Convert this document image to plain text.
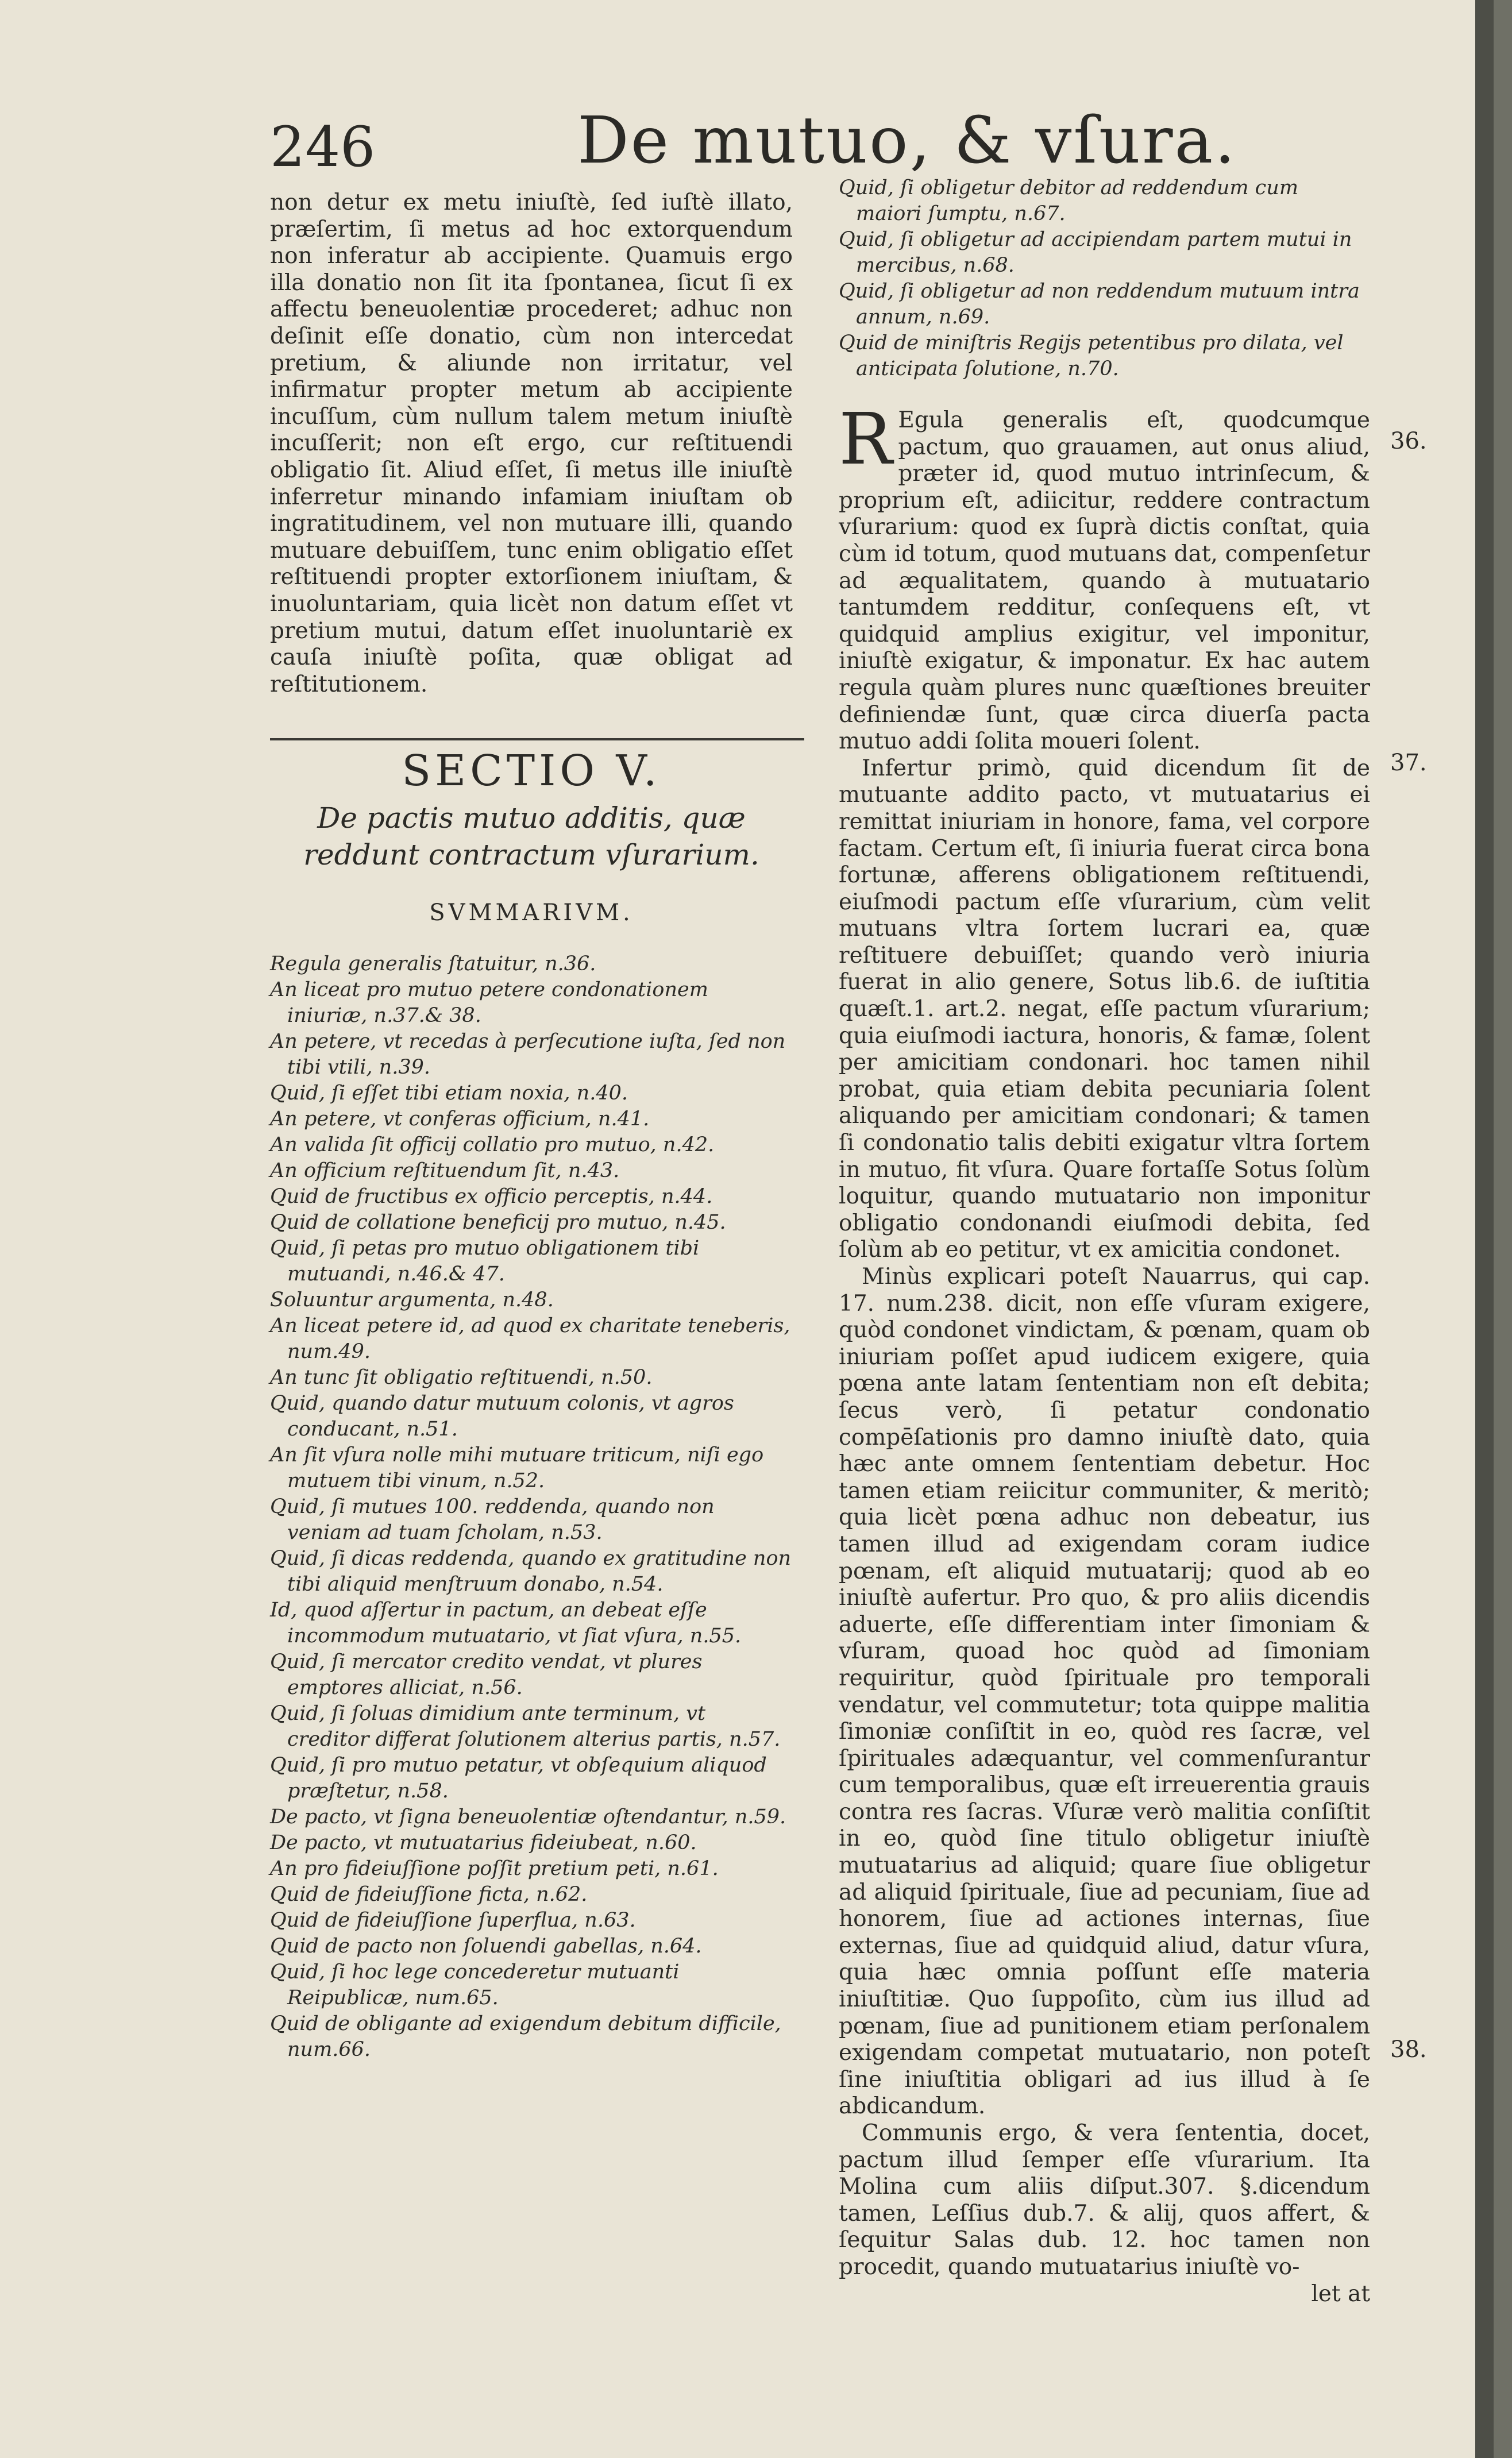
246	De mutuo, & vſura.

non detur ex metu iniuſtè, ſed iuſtè illato, præſertim, ſi metus ad hoc extorquendum non inferatur ab accipiente. Quamuis ergo illa donatio non ſit ita ſpontanea, ſicut ſi ex affectu beneuolentiæ procederet; adhuc non deſinit eſſe donatio, cùm non intercedat pretium, & aliunde non irritatur, vel infirmatur propter metum ab accipiente incuſſum, cùm nullum talem metum iniuſtè incuſſerit; non eſt ergo, cur reſtituendi obligatio ſit. Aliud eſſet, ſi metus ille iniuſtè inferretur minando infamiam iniuſtam ob ingratitudinem, vel non mutuare illi, quando mutuare debuiſſem, tunc enim obligatio eſſet reſtituendi propter extorſionem iniuſtam, & inuoluntariam, quia licèt non datum eſſet vt pretium mutui, datum eſſet inuoluntariè ex cauſa iniuſtè poſita, quæ obligat ad reſtitutionem.

SECTIO V.
De pactis mutuo additis, quæ reddunt contractum vſurarium.
SVMMARIVM.

Regula generalis ſtatuitur, n.36.

An liceat pro mutuo petere condonationem iniuriæ, n.37.& 38.

An petere, vt recedas à perſecutione iuſta, ſed non tibi vtili, n.39.

Quid, ſi eſſet tibi etiam noxia, n.40.

An petere, vt conferas officium, n.41.

An valida ſit officij collatio pro mutuo, n.42.

An officium reſtituendum ſit, n.43.

Quid de fructibus ex officio perceptis, n.44.

Quid de collatione beneficij pro mutuo, n.45.

Quid, ſi petas pro mutuo obligationem tibi mutuandi, n.46.& 47.

Soluuntur argumenta, n.48.

An liceat petere id, ad quod ex charitate teneberis, num.49.

An tunc ſit obligatio reſtituendi, n.50.

Quid, quando datur mutuum colonis, vt agros conducant, n.51.

An ſit vſura nolle mihi mutuare triticum, niſi ego mutuem tibi vinum, n.52.

Quid, ſi mutues 100. reddenda, quando non veniam ad tuam ſcholam, n.53.

Quid, ſi dicas reddenda, quando ex gratitudine non tibi aliquid menſtruum donabo, n.54.

Id, quod aſſertur in pactum, an debeat eſſe incommodum mutuatario, vt ſiat vſura, n.55.

Quid, ſi mercator credito vendat, vt plures emptores alliciat, n.56.

Quid, ſi ſoluas dimidium ante terminum, vt creditor differat ſolutionem alterius partis, n.57.

Quid, ſi pro mutuo petatur, vt obſequium aliquod præſtetur, n.58.

De pacto, vt ſigna beneuolentiæ oſtendantur, n.59.

De pacto, vt mutuatarius fideiubeat, n.60.

An pro fideiuſſione poſſit pretium peti, n.61.

Quid de fideiuſſione ficta, n.62.

Quid de fideiuſſione ſuperflua, n.63.

Quid de pacto non ſoluendi gabellas, n.64.

Quid, ſi hoc lege concederetur mutuanti Reipublicæ, num.65.

Quid de obligante ad exigendum debitum difficile, num.66.

Quid, ſi obligetur debitor ad reddendum cum maiori ſumptu, n.67.

Quid, ſi obligetur ad accipiendam partem mutui in mercibus, n.68.

Quid, ſi obligetur ad non reddendum mutuum intra annum, n.69.

Quid de miniſtris Regijs petentibus pro dilata, vel anticipata ſolutione, n.70.

R Egula generalis eſt, quodcumque pactum, quo grauamen, aut onus aliud, præter id, quod mutuo intrinſecum, & proprium eſt, adiicitur, reddere contractum vſurarium: quod ex ſuprà dictis conſtat, quia cùm id totum, quod mutuans dat, compenſetur ad æqualitatem, quando à mutuatario tantumdem redditur, conſequens eſt, vt quidquid amplius exigitur, vel imponitur, iniuſtè exigatur, & imponatur. Ex hac autem regula quàm plures nunc quæſtiones breuiter definiendæ ſunt, quæ circa diuerſa pacta mutuo addi ſolita moueri ſolent.

Infertur primò, quid dicendum ſit de mutuante addito pacto, vt mutuatarius ei remittat iniuriam in honore, fama, vel corpore factam. Certum eſt, ſi iniuria fuerat circa bona fortunæ, afferens obligationem reſtituendi, eiuſmodi pactum eſſe vſurarium, cùm velit mutuans vltra ſortem lucrari ea, quæ reſtituere debuiſſet; quando verò iniuria fuerat in alio genere, Sotus lib.6. de iuſtitia quæſt.1. art.2. negat, eſſe pactum vſurarium; quia eiuſmodi iactura, honoris, & famæ, ſolent per amicitiam condonari. hoc tamen nihil probat, quia etiam debita pecuniaria ſolent aliquando per amicitiam condonari; & tamen ſi condonatio talis debiti exigatur vltra ſortem in mutuo, fit vſura. Quare fortaſſe Sotus ſolùm loquitur, quando mutuatario non imponitur obligatio condonandi eiuſmodi debita, ſed ſolùm ab eo petitur, vt ex amicitia condonet.

Minùs explicari poteſt Nauarrus, qui cap. 17. num.238. dicit, non eſſe vſuram exigere, quòd condonet vindictam, & pœnam, quam ob iniuriam poſſet apud iudicem exigere, quia pœna ante latam ſententiam non eſt debita; ſecus verò, ſi petatur condonatio compēſationis pro damno iniuſtè dato, quia hæc ante omnem ſententiam debetur. Hoc tamen etiam reiicitur communiter, & meritò; quia licèt pœna adhuc non debeatur, ius tamen illud ad exigendam coram iudice pœnam, eſt aliquid mutuatarij; quod ab eo iniuſtè aufertur. Pro quo, & pro aliis dicendis aduerte, eſſe differentiam inter ſimoniam & vſuram, quoad hoc quòd ad ſimoniam requiritur, quòd ſpirituale pro temporali vendatur, vel commutetur; tota quippe malitia ſimoniæ conſiſtit in eo, quòd res ſacræ, vel ſpirituales adæquantur, vel commenſurantur cum temporalibus, quæ eſt irreuerentia grauis contra res ſacras. Vſuræ verò malitia conſiſtit in eo, quòd ſine titulo obligetur iniuſtè mutuatarius ad aliquid; quare ſiue obligetur ad aliquid ſpirituale, ſiue ad pecuniam, ſiue ad honorem, ſiue ad actiones internas, ſiue externas, ſiue ad quidquid aliud, datur vſura, quia hæc omnia poſſunt eſſe materia iniuſtitiæ. Quo ſuppoſito, cùm ius illud ad pœnam, ſiue ad punitionem etiam perſonalem exigendam competat mutuatario, non poteſt ſine iniuſtitia obligari ad ius illud à ſe abdicandum.

Communis ergo, & vera ſententia, docet, pactum illud ſemper eſſe vſurarium. Ita Molina cum aliis diſput.307. §.dicendum tamen, Leſſius dub.7. & alij, quos affert, & ſequitur Salas dub. 12. hoc tamen non procedit, quando mutuatarius iniuſtè vo-

let at

36.
37.
38.
